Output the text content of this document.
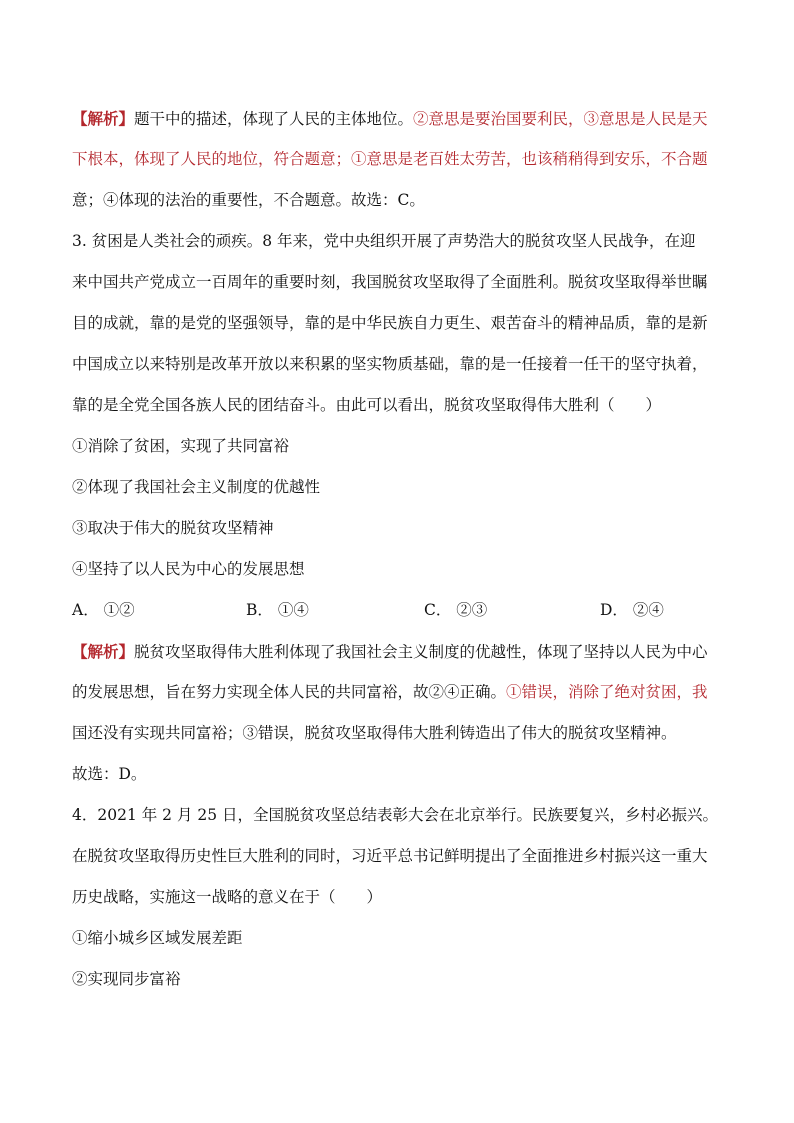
【解析】题干中的描述，体现了人民的主体地位。②意思是要治国要利民，③意思是人民是天
下根本，体现了人民的地位，符合题意；①意思是老百姓太劳苦，也该稍稍得到安乐，不合题
意；④体现的法治的重要性，不合题意。故选：C。
3. 贫困是人类社会的顽疾。8 年来，党中央组织开展了声势浩大的脱贫攻坚人民战争，在迎
来中国共产党成立一百周年的重要时刻，我国脱贫攻坚取得了全面胜利。脱贫攻坚取得举世瞩
目的成就，靠的是党的坚强领导，靠的是中华民族自力更生、艰苦奋斗的精神品质，靠的是新
中国成立以来特别是改革开放以来积累的坚实物质基础，靠的是一任接着一任干的坚守执着，
靠的是全党全国各族人民的团结奋斗。由此可以看出，脱贫攻坚取得伟大胜利（　　）
①消除了贫困，实现了共同富裕
②体现了我国社会主义制度的优越性
③取决于伟大的脱贫攻坚精神
④坚持了以人民为中心的发展思想
A． ①②	B． ①④	C． ②③	D． ②④
【解析】脱贫攻坚取得伟大胜利体现了我国社会主义制度的优越性，体现了坚持以人民为中心
的发展思想，旨在努力实现全体人民的共同富裕，故②④正确。①错误，消除了绝对贫困，我
国还没有实现共同富裕；③错误，脱贫攻坚取得伟大胜利铸造出了伟大的脱贫攻坚精神。
故选：D。
4．2021 年 2 月 25 日，全国脱贫攻坚总结表彰大会在北京举行。民族要复兴，乡村必振兴。
在脱贫攻坚取得历史性巨大胜利的同时，习近平总书记鲜明提出了全面推进乡村振兴这一重大
历史战略，实施这一战略的意义在于（　　）
①缩小城乡区域发展差距
②实现同步富裕
